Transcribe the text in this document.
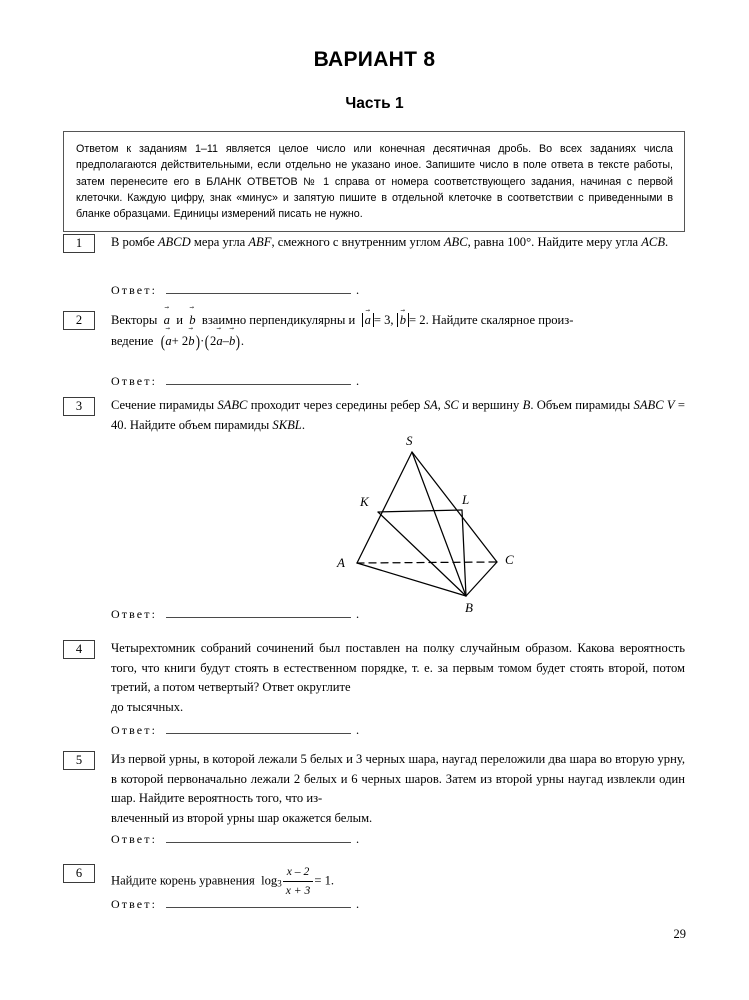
ВАРИАНТ 8
Часть 1
Ответом к заданиям 1–11 является целое число или конечная десятичная дробь. Во всех заданиях числа предполагаются действительными, если отдельно не указано иное. Запишите число в поле ответа в тексте работы, затем перенесите его в БЛАНК ОТВЕТОВ № 1 справа от номера соответствующего задания, начиная с первой клеточки. Каждую цифру, знак «минус» и запятую пишите в отдельной клеточке в соответствии с приведенными в бланке образцами. Единицы измерений писать не нужно.
1	В ромбе ABCD мера угла ABF, смежного с внутренним углом ABC, равна 100°. Найдите меру угла ACB.
Ответ:	.
2	Векторы → a и → b взаимно перпендикулярны и → a = 3, → b = 2. Найдите скалярное произ-
ведение (→ a+ 2→ b)·(2→ a–→ b).
Ответ:	.
3	Сечение пирамиды SABC проходит через середины ребер SA, SC и вершину B. Объем пирамиды SABC V = 40. Найдите объем пирамиды SKBL.
S
K	L
A	C
B
Ответ:	.
4	Четырехтомник собраний сочинений был поставлен на полку случайным образом. Какова вероятность того, что книги будут стоять в естественном порядке, т. е. за первым томом будет стоять второй, потом третий, а потом четвертый? Ответ округлите
до тысячных.
Ответ:	.
5	Из первой урны, в которой лежали 5 белых и 3 черных шара, наугад переложили два шара во вторую урну, в которой первоначально лежали 2 белых и 6 черных шаров. Затем из второй урны наугад извлекли один шар. Найдите вероятность того, что из-
влеченный из второй урны шар окажется белым.
Ответ:	.
6
Найдите корень уравнения $\log_3 \frac{x - 2}{x + 3} = 1$.
Ответ:	.
29
